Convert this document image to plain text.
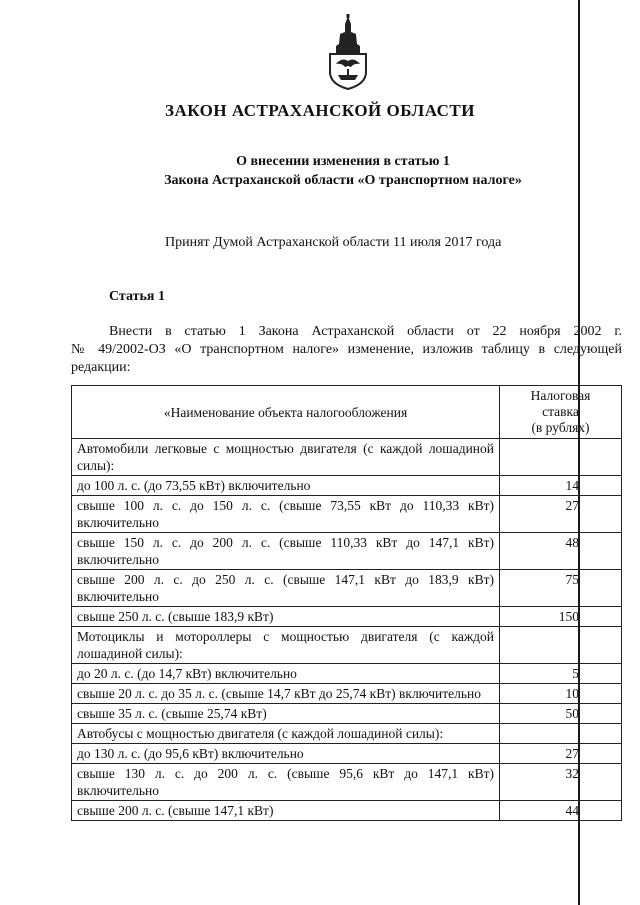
ЗАКОН АСТРАХАНСКОЙ ОБЛАСТИ
О внесении изменения в статью 1
Закона Астраханской области «О транспортном налоге»
Принят Думой Астраханской области 11 июля 2017 года
Статья 1
Внести в статью 1 Закона Астраханской области от 22 ноября 2002 г.
№ 49/2002-ОЗ «О транспортном налоге» изменение, изложив таблицу в следующей
редакции:
«Наименование объекта налогообложения	Налоговая
ставка
(в рублях)

Автомобили легковые с мощностью двигателя (с каждой лошадиной силы):	
до 100 л. с. (до 73,55 кВт) включительно	14
свыше 100 л. с. до 150 л. с. (свыше 73,55 кВт до 110,33 кВт) включительно	27
свыше 150 л. с. до 200 л. с. (свыше 110,33 кВт до 147,1 кВт) включительно	48
свыше 200 л. с. до 250 л. с. (свыше 147,1 кВт до 183,9 кВт) включительно	75
свыше 250 л. с. (свыше 183,9 кВт)	150
Мотоциклы и мотороллеры с мощностью двигателя (с каждой лошадиной силы):	
до 20 л. с. (до 14,7 кВт) включительно	5
свыше 20 л. с. до 35 л. с. (свыше 14,7 кВт до 25,74 кВт) включительно	10
свыше 35 л. с. (свыше 25,74 кВт)	50
Автобусы с мощностью двигателя (с каждой лошадиной силы):	
до 130 л. с. (до 95,6 кВт) включительно	27
свыше 130 л. с. до 200 л. с. (свыше 95,6 кВт до 147,1 кВт) включительно	32
свыше 200 л. с. (свыше 147,1 кВт)	44
